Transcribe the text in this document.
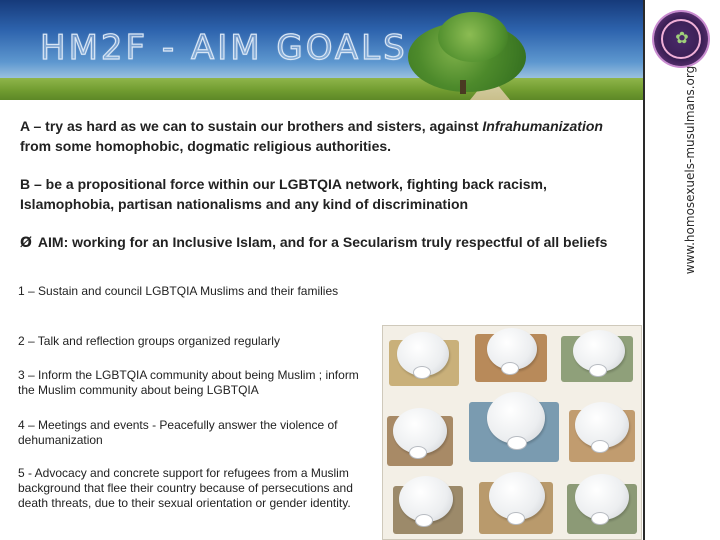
HM2F - AIM GOALS	✿
www.homosexuels-musulmans.org

A – try as hard as we can to sustain our brothers and sisters, against Infrahumanization from some homophobic, dogmatic religious authorities.

B – be a propositional force within our LGBTQIA network, fighting back racism, Islamophobia, partisan nationalisms and any kind of discrimination

Ø AIM: working for an Inclusive Islam, and for a Secularism truly respectful of all beliefs

1 – Sustain and council LGBTQIA Muslims and their families

2 – Talk and reflection groups organized regularly

3 – Inform the LGBTQIA community about being Muslim ; inform the Muslim community about being LGBTQIA

4 – Meetings and events - Peacefully answer the violence of dehumanization

5 - Advocacy and concrete support for refugees from a Muslim background that flee their country because of persecutions and death threats, due to their sexual orientation or gender identity.
